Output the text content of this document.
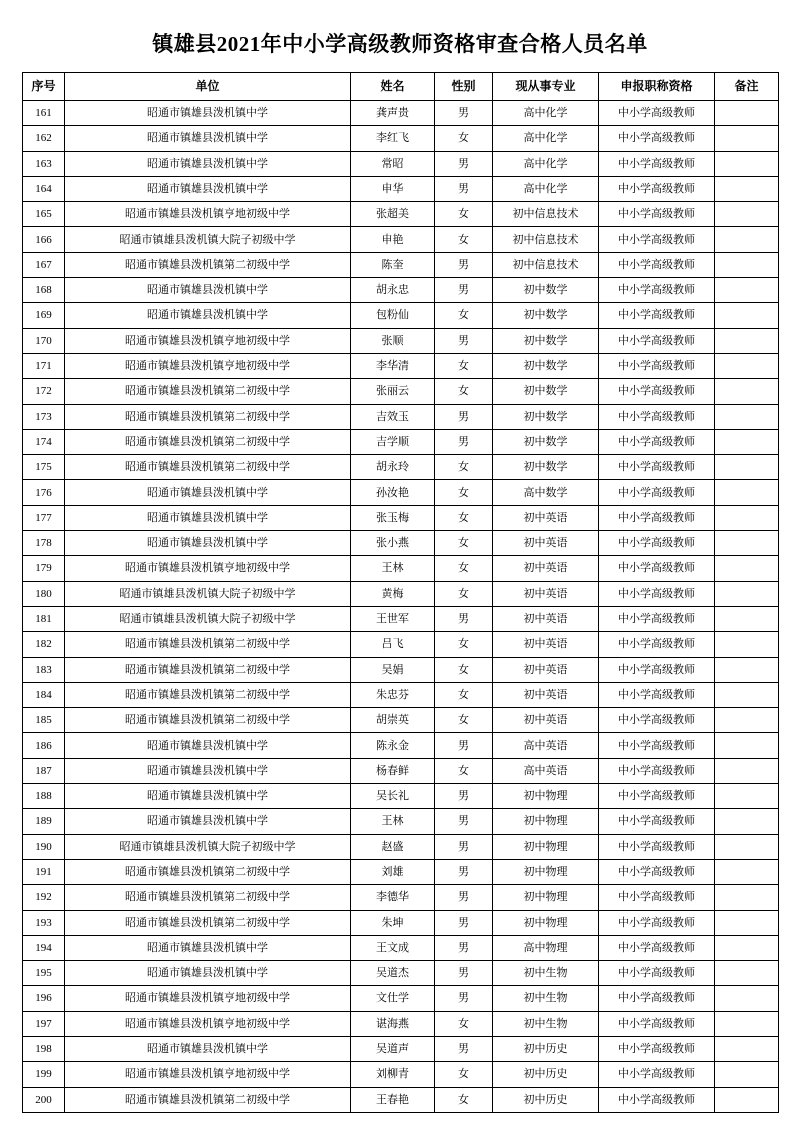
镇雄县2021年中小学高级教师资格审查合格人员名单
序号	单位	姓名	性别	现从事专业	申报职称资格	备注
161	昭通市镇雄县泼机镇中学	龚声贵	男	高中化学	中小学高级教师	
162	昭通市镇雄县泼机镇中学	李红飞	女	高中化学	中小学高级教师	
163	昭通市镇雄县泼机镇中学	常昭	男	高中化学	中小学高级教师	
164	昭通市镇雄县泼机镇中学	申华	男	高中化学	中小学高级教师	
165	昭通市镇雄县泼机镇亨地初级中学	张超美	女	初中信息技术	中小学高级教师	
166	昭通市镇雄县泼机镇大院子初级中学	申艳	女	初中信息技术	中小学高级教师	
167	昭通市镇雄县泼机镇第二初级中学	陈奎	男	初中信息技术	中小学高级教师	
168	昭通市镇雄县泼机镇中学	胡永忠	男	初中数学	中小学高级教师	
169	昭通市镇雄县泼机镇中学	包粉仙	女	初中数学	中小学高级教师	
170	昭通市镇雄县泼机镇亨地初级中学	张顺	男	初中数学	中小学高级教师	
171	昭通市镇雄县泼机镇亨地初级中学	李华清	女	初中数学	中小学高级教师	
172	昭通市镇雄县泼机镇第二初级中学	张丽云	女	初中数学	中小学高级教师	
173	昭通市镇雄县泼机镇第二初级中学	吉效玉	男	初中数学	中小学高级教师	
174	昭通市镇雄县泼机镇第二初级中学	吉学顺	男	初中数学	中小学高级教师	
175	昭通市镇雄县泼机镇第二初级中学	胡永玲	女	初中数学	中小学高级教师	
176	昭通市镇雄县泼机镇中学	孙汝艳	女	高中数学	中小学高级教师	
177	昭通市镇雄县泼机镇中学	张玉梅	女	初中英语	中小学高级教师	
178	昭通市镇雄县泼机镇中学	张小燕	女	初中英语	中小学高级教师	
179	昭通市镇雄县泼机镇亨地初级中学	王林	女	初中英语	中小学高级教师	
180	昭通市镇雄县泼机镇大院子初级中学	黄梅	女	初中英语	中小学高级教师	
181	昭通市镇雄县泼机镇大院子初级中学	王世军	男	初中英语	中小学高级教师	
182	昭通市镇雄县泼机镇第二初级中学	吕飞	女	初中英语	中小学高级教师	
183	昭通市镇雄县泼机镇第二初级中学	吴娟	女	初中英语	中小学高级教师	
184	昭通市镇雄县泼机镇第二初级中学	朱忠芬	女	初中英语	中小学高级教师	
185	昭通市镇雄县泼机镇第二初级中学	胡崇英	女	初中英语	中小学高级教师	
186	昭通市镇雄县泼机镇中学	陈永金	男	高中英语	中小学高级教师	
187	昭通市镇雄县泼机镇中学	杨春鲜	女	高中英语	中小学高级教师	
188	昭通市镇雄县泼机镇中学	吴长礼	男	初中物理	中小学高级教师	
189	昭通市镇雄县泼机镇中学	王林	男	初中物理	中小学高级教师	
190	昭通市镇雄县泼机镇大院子初级中学	赵盛	男	初中物理	中小学高级教师	
191	昭通市镇雄县泼机镇第二初级中学	刘雄	男	初中物理	中小学高级教师	
192	昭通市镇雄县泼机镇第二初级中学	李德华	男	初中物理	中小学高级教师	
193	昭通市镇雄县泼机镇第二初级中学	朱坤	男	初中物理	中小学高级教师	
194	昭通市镇雄县泼机镇中学	王文成	男	高中物理	中小学高级教师	
195	昭通市镇雄县泼机镇中学	吴道杰	男	初中生物	中小学高级教师	
196	昭通市镇雄县泼机镇亨地初级中学	文仕学	男	初中生物	中小学高级教师	
197	昭通市镇雄县泼机镇亨地初级中学	谌海燕	女	初中生物	中小学高级教师	
198	昭通市镇雄县泼机镇中学	吴道声	男	初中历史	中小学高级教师	
199	昭通市镇雄县泼机镇亨地初级中学	刘柳青	女	初中历史	中小学高级教师	
200	昭通市镇雄县泼机镇第二初级中学	王春艳	女	初中历史	中小学高级教师	
